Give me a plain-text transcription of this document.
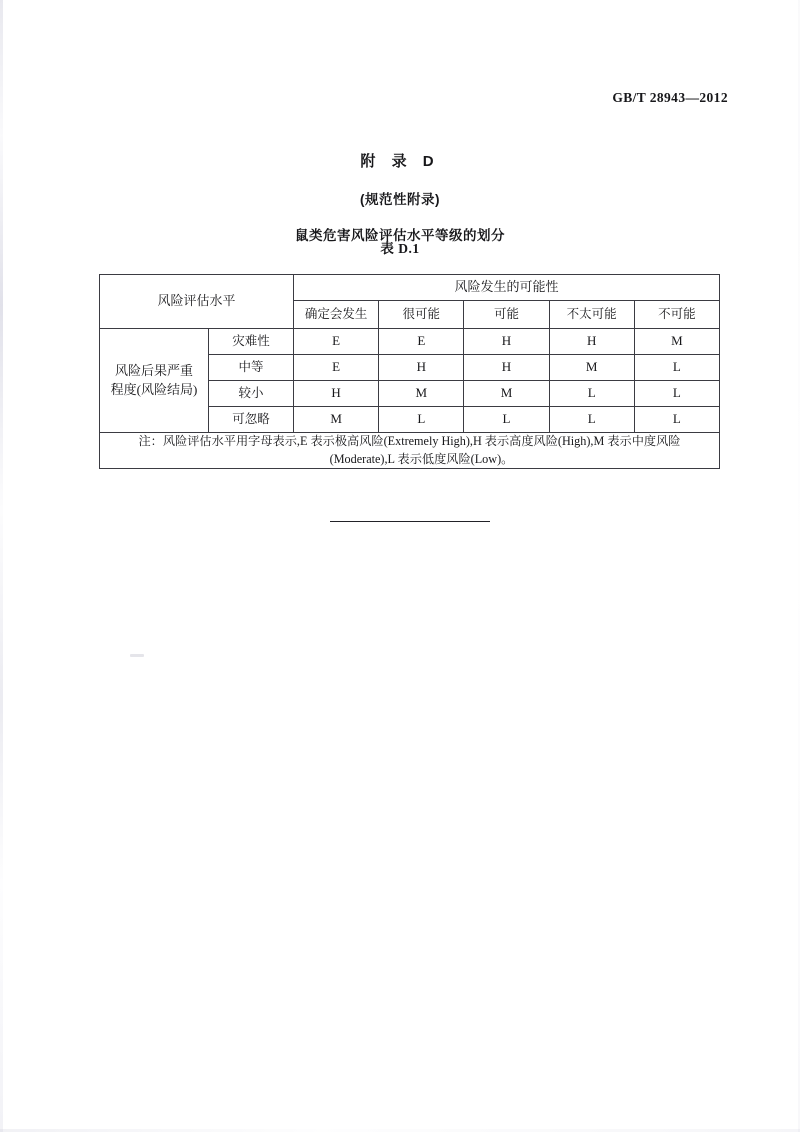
GB/T 28943—2012
附 录 D
(规范性附录)
鼠类危害风险评估水平等级的划分
表 D.1
风险评估水平		风险发生的可能性				
		确定会发生	很可能	可能	不太可能	不可能
风险后果严重
程度(风险结局)	灾难性	E	E	H	H	M
	中等	E	H	H	M	L
	较小	H	M	M	L	L
	可忽略	M	L	L	L	L

注：风险评估水平用字母表示,E 表示极高风险(Extremely High),H 表示高度风险(High),M 表示中度风险
(Moderate),L 表示低度风险(Low)。						
